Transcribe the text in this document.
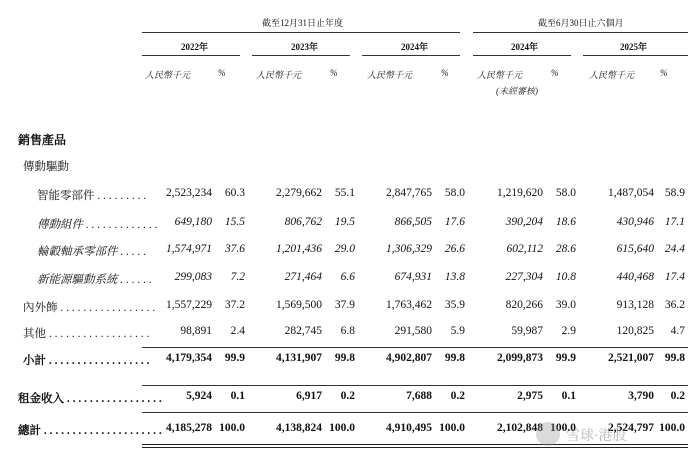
截至12月31日止年度	截至6月30日止六個月
2022年	2023年	2024年	2024年	2025年
人民幣千元	%	人民幣千元	%	人民幣千元	%	人民幣千元	%	人民幣千元	%
(未經審核)
銷售產品
傳動驅動
智能零部件 . . . . . . . . . 2,523,234 60.3	2,279,662 55.1	2,847,765 58.0	1,219,620 58.0	1,487,054 58.9
傳動組件 . . . . . . . . . . . . . 649,180 15.5	806,762 19.5	866,505 17.6	390,204 18.6	430,946 17.1
輪轂軸承零部件 . . . . . 1,574,971 37.6	1,201,436 29.0	1,306,329 26.6	602,112 28.6	615,640 24.4
新能源驅動系統 . . . . . . 299,083 7.2	271,464 6.6	674,931 13.8	227,304 10.8	440,468 17.4
內外飾 . . . . . . . . . . . . . . . . . 1,557,229 37.2	1,569,500 37.9	1,763,462 35.9	820,266 39.0	913,128 36.2
其他 . . . . . . . . . . . . . . . . . .	98,891 2.4	282,745 6.8	291,580 5.9	59,987 2.9	120,825 4.7
小計 . . . . . . . . . . . . . . . . . . 4,179,354 99.9	4,131,907 99.8	4,902,807 99.8	2,099,873 99.9	2,521,007 99.8
租金收入 . . . . . . . . . . . . . . . . . 5,924 0.1	6,917 0.2	7,688 0.2	2,975 0.1	3,790 0.2
總計 . . . . . . . . . . . . . . . . . . . . . 4,185,278 100.0	4,138,824 100.0	4,910,495 100.0	2,102,848 100.0	2,524,797 100.0
雪球·港股
